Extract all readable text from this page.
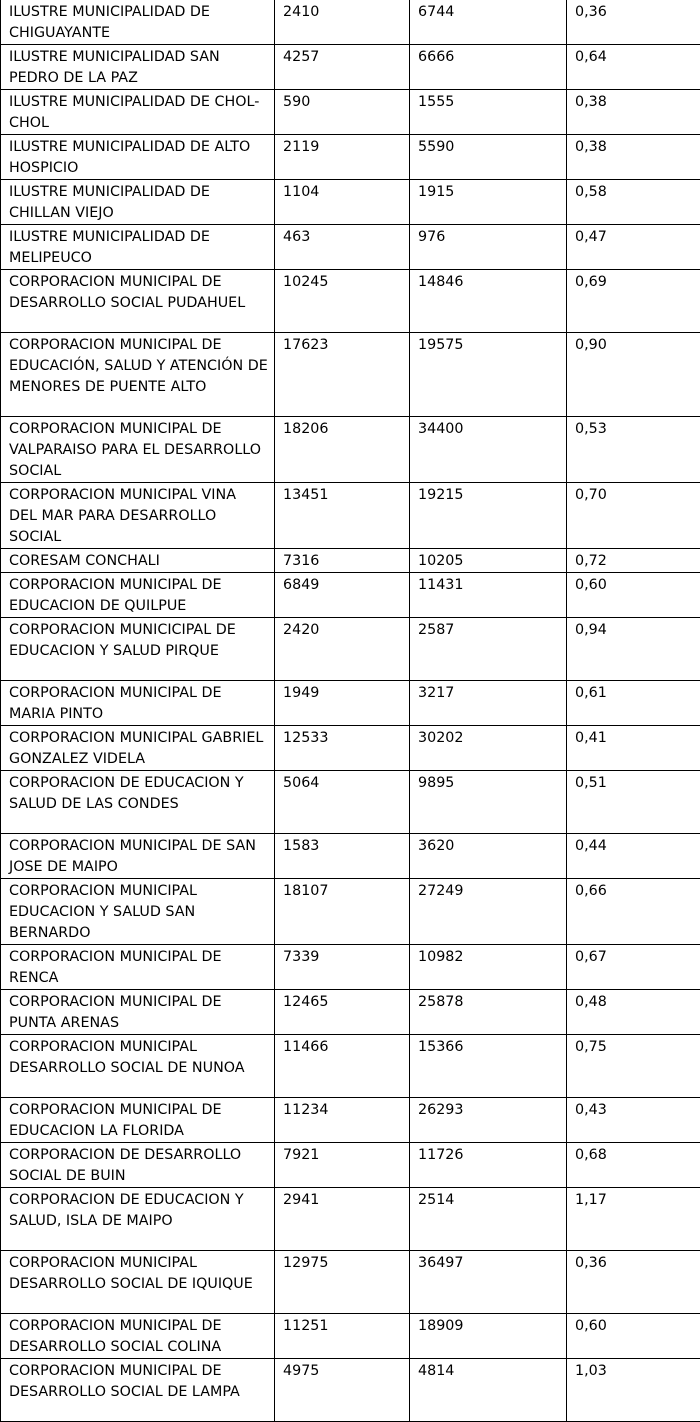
ILUSTRE MUNICIPALIDAD DE CHIGUAYANTE	2410	6744	0,36
ILUSTRE MUNICIPALIDAD SAN PEDRO DE LA PAZ	4257	6666	0,64
ILUSTRE MUNICIPALIDAD DE CHOL-CHOL	590	1555	0,38
ILUSTRE MUNICIPALIDAD DE ALTO HOSPICIO	2119	5590	0,38
ILUSTRE MUNICIPALIDAD DE CHILLAN VIEJO	1104	1915	0,58
ILUSTRE MUNICIPALIDAD DE MELIPEUCO	463	976	0,47
CORPORACION MUNICIPAL DE DESARROLLO SOCIAL PUDAHUEL	10245	14846	0,69
CORPORACION MUNICIPAL DE EDUCACIÓN, SALUD Y ATENCIÓN DE MENORES DE PUENTE ALTO	17623	19575	0,90
CORPORACION MUNICIPAL DE VALPARAISO PARA EL DESARROLLO SOCIAL	18206	34400	0,53
CORPORACION MUNICIPAL VINA DEL MAR PARA DESARROLLO SOCIAL	13451	19215	0,70
CORESAM CONCHALI	7316	10205	0,72
CORPORACION MUNICIPAL DE EDUCACION DE QUILPUE	6849	11431	0,60
CORPORACION MUNICICIPAL DE EDUCACION Y SALUD PIRQUE	2420	2587	0,94
CORPORACION MUNICIPAL DE MARIA PINTO	1949	3217	0,61
CORPORACION MUNICIPAL GABRIEL GONZALEZ VIDELA	12533	30202	0,41
CORPORACION DE EDUCACION Y SALUD DE LAS CONDES	5064	9895	0,51
CORPORACION MUNICIPAL DE SAN JOSE DE MAIPO	1583	3620	0,44
CORPORACION MUNICIPAL EDUCACION Y SALUD SAN BERNARDO	18107	27249	0,66
CORPORACION MUNICIPAL DE RENCA	7339	10982	0,67
CORPORACION MUNICIPAL DE PUNTA ARENAS	12465	25878	0,48
CORPORACION MUNICIPAL DESARROLLO SOCIAL DE NUNOA	11466	15366	0,75
CORPORACION MUNICIPAL DE EDUCACION LA FLORIDA	11234	26293	0,43
CORPORACION DE DESARROLLO SOCIAL DE BUIN	7921	11726	0,68
CORPORACION DE EDUCACION Y SALUD, ISLA DE MAIPO	2941	2514	1,17
CORPORACION MUNICIPAL DESARROLLO SOCIAL DE IQUIQUE	12975	36497	0,36
CORPORACION MUNICIPAL DE DESARROLLO SOCIAL COLINA	11251	18909	0,60
CORPORACION MUNICIPAL DE DESARROLLO SOCIAL DE LAMPA	4975	4814	1,03
